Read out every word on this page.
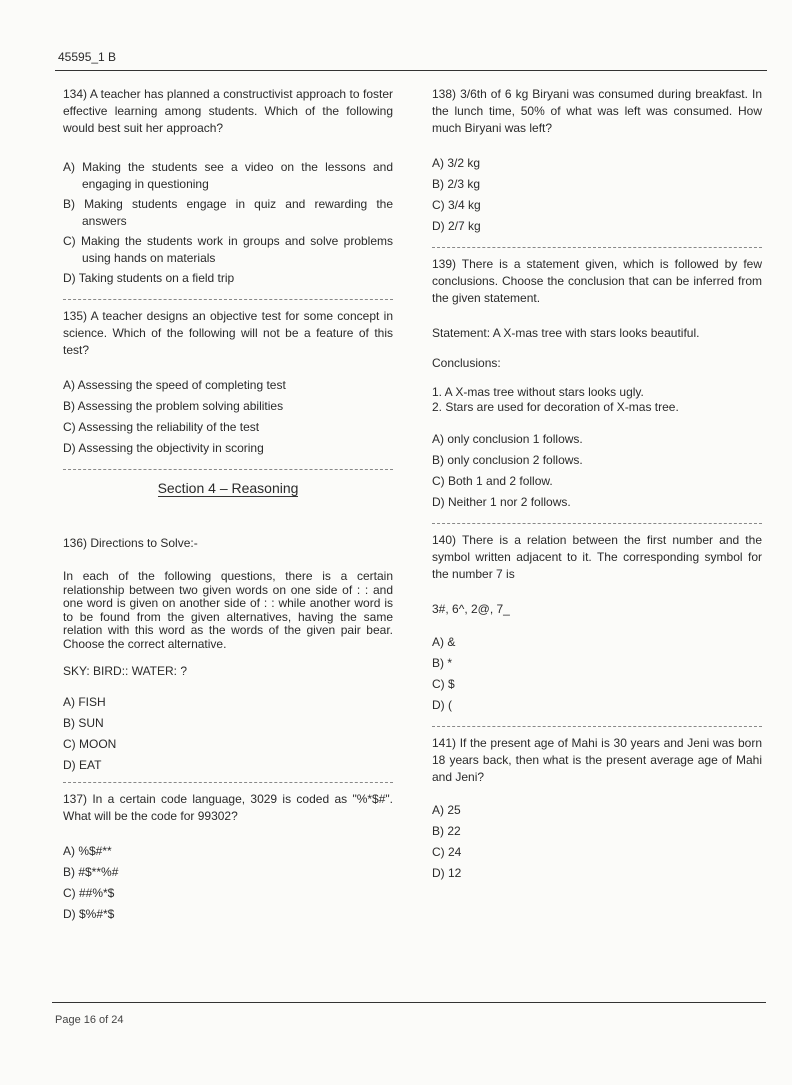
45595_1 B

134) A teacher has planned a constructivist approach to foster effective learning among students. Which of the following would best suit her approach?

A) Making the students see a video on the lessons and engaging in questioning
B) Making students engage in quiz and rewarding the answers
C) Making the students work in groups and solve problems using hands on materials
D) Taking students on a field trip

135) A teacher designs an objective test for some concept in science. Which of the following will not be a feature of this test?

A) Assessing the speed of completing test
B) Assessing the problem solving abilities
C) Assessing the reliability of the test
D) Assessing the objectivity in scoring
Section 4 – Reasoning

136) Directions to Solve:-

In each of the following questions, there is a certain relationship between two given words on one side of : : and one word is given on another side of : : while another word is to be found from the given alternatives, having the same relation with this word as the words of the given pair bear. Choose the correct alternative.

SKY: BIRD:: WATER: ?

A) FISH
B) SUN
C) MOON
D) EAT

137) In a certain code language, 3029 is coded as "%*$#". What will be the code for 99302?

A) %$#**
B) #$**%#
C) ##%*$
D) $%#*$

138) 3/6th of 6 kg Biryani was consumed during breakfast. In the lunch time, 50% of what was left was consumed. How much Biryani was left?

A) 3/2 kg
B) 2/3 kg
C) 3/4 kg
D) 2/7 kg

139) There is a statement given, which is followed by few conclusions. Choose the conclusion that can be inferred from the given statement.

Statement: A X-mas tree with stars looks beautiful.

Conclusions:

1. A X-mas tree without stars looks ugly.

2. Stars are used for decoration of X-mas tree.

A) only conclusion 1 follows.
B) only conclusion 2 follows.
C) Both 1 and 2 follow.
D) Neither 1 nor 2 follows.

140) There is a relation between the first number and the symbol written adjacent to it. The corresponding symbol for the number 7 is

3#, 6^, 2@, 7_

A) &
B) *
C) $
D) (

141) If the present age of Mahi is 30 years and Jeni was born 18 years back, then what is the present average age of Mahi and Jeni?

A) 25
B) 22
C) 24
D) 12
Page 16 of 24
